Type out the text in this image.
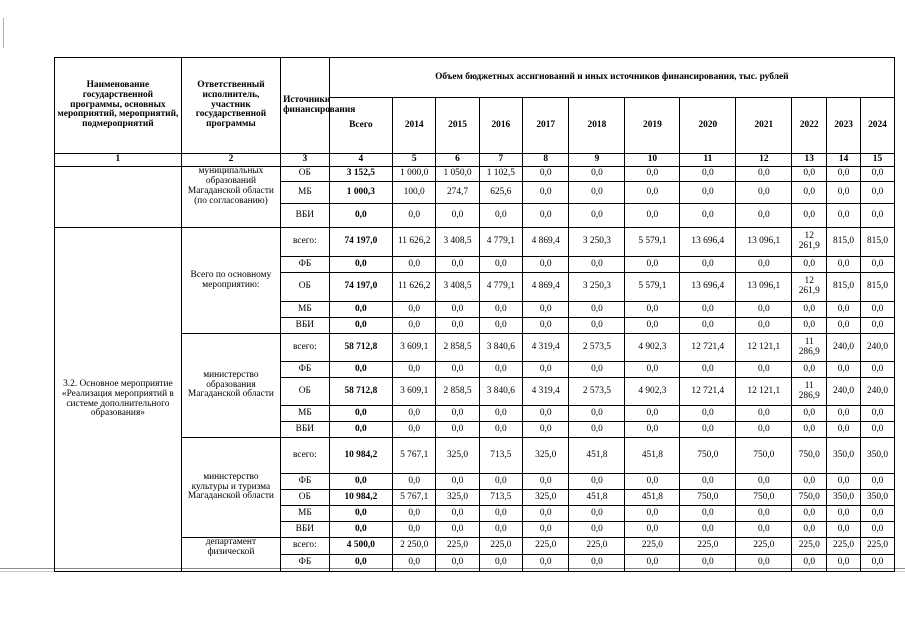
Наименование государственной программы, основных мероприятий, мероприятий, подмероприятий	Ответственный исполнитель, участник государственной программы	Источники финансирования	Объем бюджетных ассигнований и иных источников финансирования, тыс. рублей											
			Всего	2014	2015	2016	2017	2018	2019	2020	2021	2022	2023	2024
1	2	3	4	5	6	7	8	9	10	11	12	13	14	15
	муниципальных образований Магаданской области (по согласованию)	ОБ	3 152,5	1 000,0	1 050,0	1 102,5	0,0	0,0	0,0	0,0	0,0	0,0	0,0	0,0
		МБ	1 000,3	100,0	274,7	625,6	0,0	0,0	0,0	0,0	0,0	0,0	0,0	0,0
		ВБИ	0,0	0,0	0,0	0,0	0,0	0,0	0,0	0,0	0,0	0,0	0,0	0,0
3.2. Основное мероприятие «Реализация мероприятий в системе дополнительного образования»	Всего по основному мероприятию:	всего:	74 197,0	11 626,2	3 408,5	4 779,1	4 869,4	3 250,3	5 579,1	13 696,4	13 096,1	12 261,9	815,0	815,0
		ФБ	0,0	0,0	0,0	0,0	0,0	0,0	0,0	0,0	0,0	0,0	0,0	0,0
		ОБ	74 197,0	11 626,2	3 408,5	4 779,1	4 869,4	3 250,3	5 579,1	13 696,4	13 096,1	12 261,9	815,0	815,0
		МБ	0,0	0,0	0,0	0,0	0,0	0,0	0,0	0,0	0,0	0,0	0,0	0,0
		ВБИ	0,0	0,0	0,0	0,0	0,0	0,0	0,0	0,0	0,0	0,0	0,0	0,0
	министерство образования Магаданской области	всего:	58 712,8	3 609,1	2 858,5	3 840,6	4 319,4	2 573,5	4 902,3	12 721,4	12 121,1	11 286,9	240,0	240,0
		ФБ	0,0	0,0	0,0	0,0	0,0	0,0	0,0	0,0	0,0	0,0	0,0	0,0
		ОБ	58 712,8	3 609,1	2 858,5	3 840,6	4 319,4	2 573,5	4 902,3	12 721,4	12 121,1	11 286,9	240,0	240,0
		МБ	0,0	0,0	0,0	0,0	0,0	0,0	0,0	0,0	0,0	0,0	0,0	0,0
		ВБИ	0,0	0,0	0,0	0,0	0,0	0,0	0,0	0,0	0,0	0,0	0,0	0,0
	министерство культуры и туризма Магаданской области	всего:	10 984,2	5 767,1	325,0	713,5	325,0	451,8	451,8	750,0	750,0	750,0	350,0	350,0
		ФБ	0,0	0,0	0,0	0,0	0,0	0,0	0,0	0,0	0,0	0,0	0,0	0,0
		ОБ	10 984,2	5 767,1	325,0	713,5	325,0	451,8	451,8	750,0	750,0	750,0	350,0	350,0
		МБ	0,0	0,0	0,0	0,0	0,0	0,0	0,0	0,0	0,0	0,0	0,0	0,0
		ВБИ	0,0	0,0	0,0	0,0	0,0	0,0	0,0	0,0	0,0	0,0	0,0	0,0
	департамент физической	всего:	4 500,0	2 250,0	225,0	225,0	225,0	225,0	225,0	225,0	225,0	225,0	225,0	225,0
		ФБ	0,0	0,0	0,0	0,0	0,0	0,0	0,0	0,0	0,0	0,0	0,0	0,0
